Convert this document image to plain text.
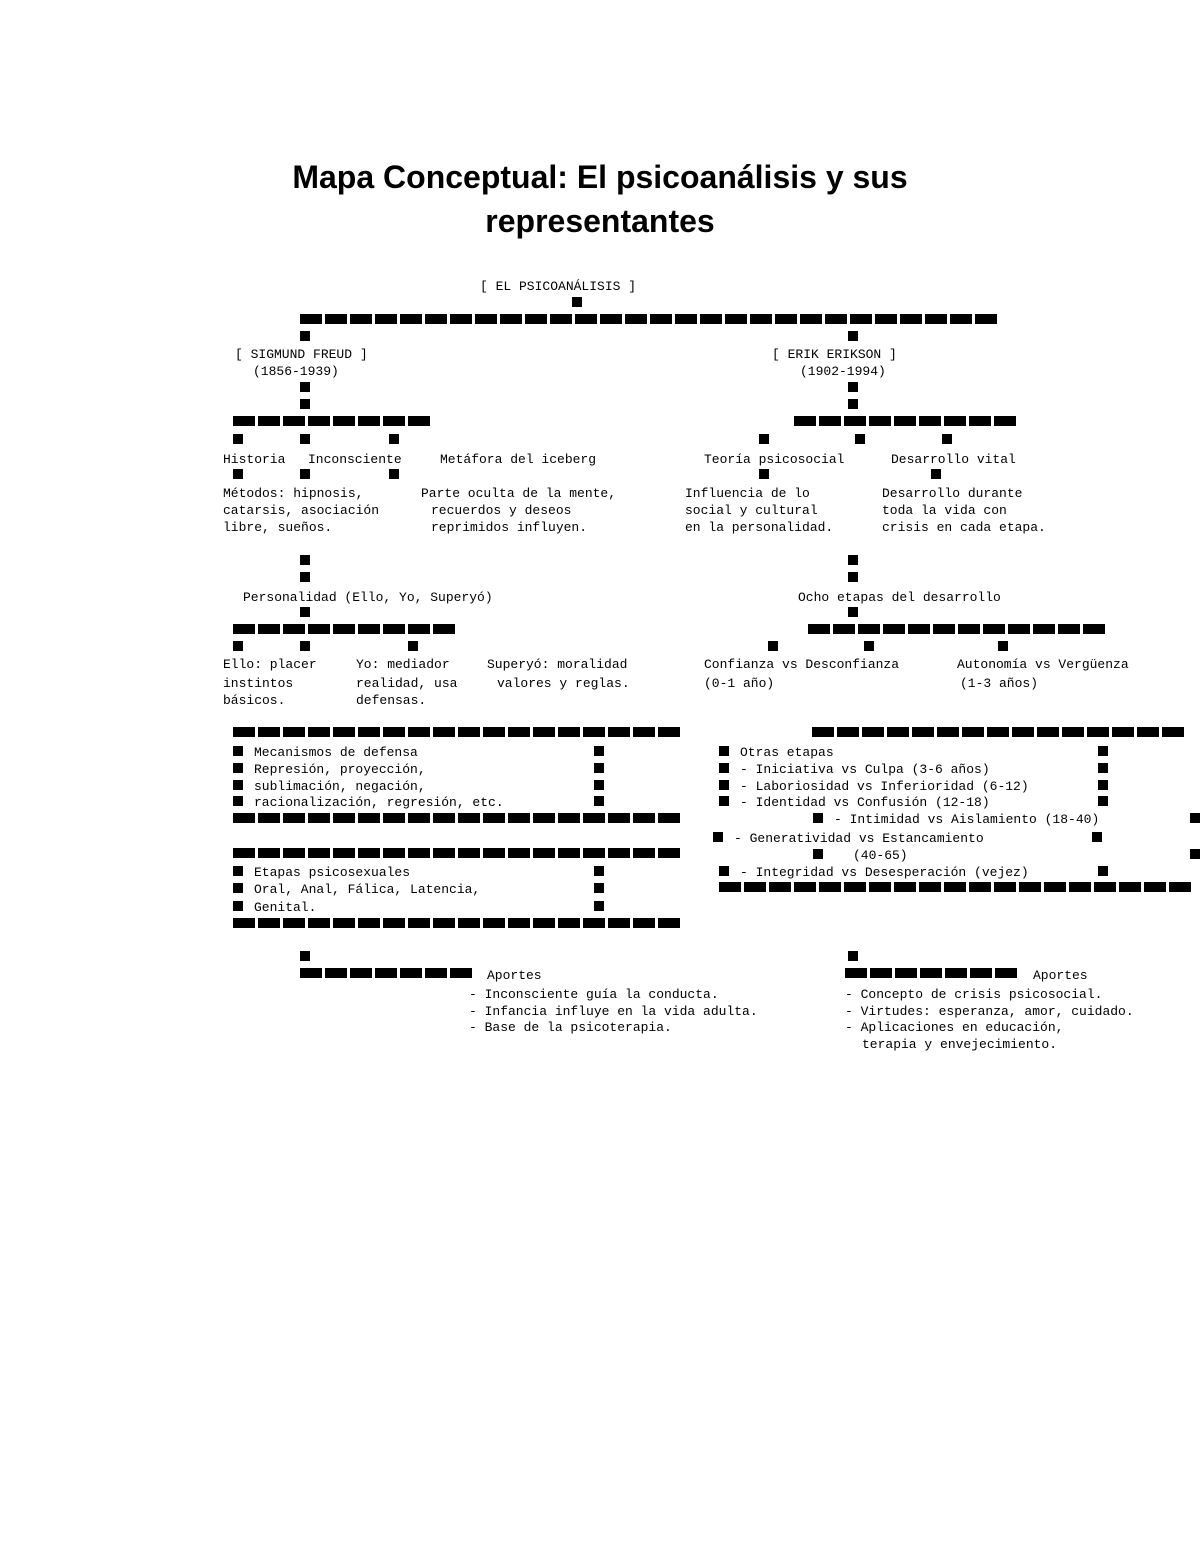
Mapa Conceptual: El psicoanálisis y sus representantes
[ EL PSICOANÁLISIS ]
[ SIGMUND FREUD ]
(1856-1939)
[ ERIK ERIKSON ]
(1902-1994)
Historia Inconsciente	Metáfora del iceberg
Métodos: hipnosis,
catarsis, asociación
libre, sueños.
Parte oculta de la mente,
recuerdos y deseos
reprimidos influyen.
Teoría psicosocial	Desarrollo vital
Influencia de lo
social y cultural
en la personalidad.
Desarrollo durante
toda la vida con
crisis en cada etapa.
Personalidad (Ello, Yo, Superyó)	Ocho etapas del desarrollo
Ello: placer
instintos
básicos.
Yo: mediador
realidad, usa
defensas.
Superyó: moralidad
valores y reglas.
Confianza vs Desconfianza
(0-1 año)
Autonomía vs Vergüenza
(1-3 años)
Mecanismos de defensa
Represión, proyección,
sublimación, negación,
racionalización, regresión, etc.
Etapas psicosexuales
Oral, Anal, Fálica, Latencia,
Genital.
Otras etapas
- Iniciativa vs Culpa (3-6 años)
- Laboriosidad vs Inferioridad (6-12)
- Identidad vs Confusión (12-18)
- Intimidad vs Aislamiento (18-40)
- Generatividad vs Estancamiento
(40-65)
- Integridad vs Desesperación (vejez)
Aportes
- Inconsciente guía la conducta.
- Infancia influye en la vida adulta.
- Base de la psicoterapia.
Aportes
- Concepto de crisis psicosocial.
- Virtudes: esperanza, amor, cuidado.
- Aplicaciones en educación,
terapia y envejecimiento.
